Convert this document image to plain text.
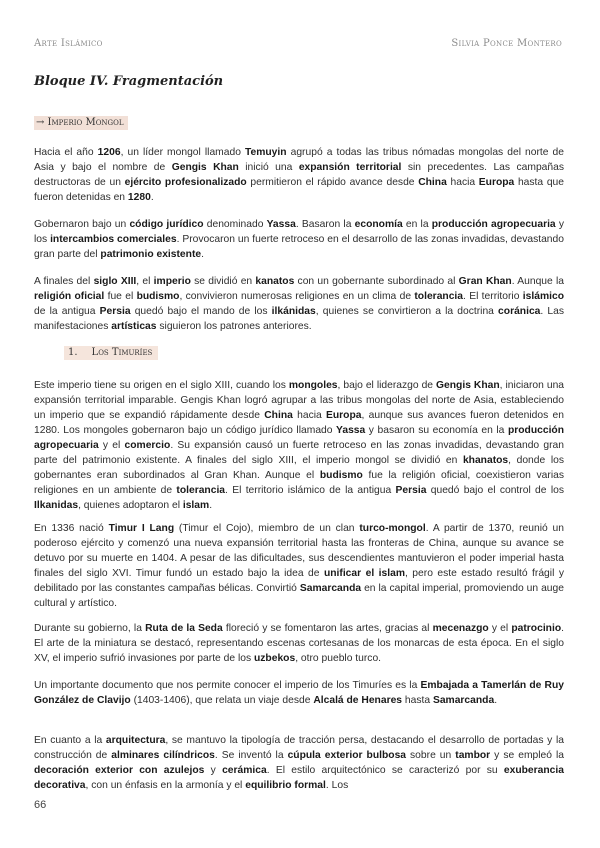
Arte Islámico	Silvia Ponce Montero
Bloque IV. Fragmentación
→ Imperio Mongol

Hacia el año 1206, un líder mongol llamado Temuyin agrupó a todas las tribus nómadas mongolas del norte de Asia y bajo el nombre de Gengis Khan inició una expansión territorial sin precedentes. Las campañas destructoras de un ejército profesionalizado permitieron el rápido avance desde China hacia Europa hasta que fueron detenidas en 1280.

Gobernaron bajo un código jurídico denominado Yassa. Basaron la economía en la producción agropecuaria y los intercambios comerciales. Provocaron un fuerte retroceso en el desarrollo de las zonas invadidas, devastando gran parte del patrimonio existente.

A finales del siglo XIII, el imperio se dividió en kanatos con un gobernante subordinado al Gran Khan. Aunque la religión oficial fue el budismo, convivieron numerosas religiones en un clima de tolerancia. El territorio islámico de la antigua Persia quedó bajo el mando de los ilkánidas, quienes se convirtieron a la doctrina coránica. Las manifestaciones artísticas siguieron los patrones anteriores.

1. Los Timuríes

Este imperio tiene su origen en el siglo XIII, cuando los mongoles, bajo el liderazgo de Gengis Khan, iniciaron una expansión territorial imparable. Gengis Khan logró agrupar a las tribus mongolas del norte de Asia, estableciendo un imperio que se expandió rápidamente desde China hacia Europa, aunque sus avances fueron detenidos en 1280. Los mongoles gobernaron bajo un código jurídico llamado Yassa y basaron su economía en la producción agropecuaria y el comercio. Su expansión causó un fuerte retroceso en las zonas invadidas, devastando gran parte del patrimonio existente. A finales del siglo XIII, el imperio mongol se dividió en khanatos, donde los gobernantes eran subordinados al Gran Khan. Aunque el budismo fue la religión oficial, coexistieron varias religiones en un ambiente de tolerancia. El territorio islámico de la antigua Persia quedó bajo el control de los Ilkanidas, quienes adoptaron el islam.

En 1336 nació Timur I Lang (Timur el Cojo), miembro de un clan turco-mongol. A partir de 1370, reunió un poderoso ejército y comenzó una nueva expansión territorial hasta las fronteras de China, aunque su avance se detuvo por su muerte en 1404. A pesar de las dificultades, sus descendientes mantuvieron el poder imperial hasta finales del siglo XVI. Timur fundó un estado bajo la idea de unificar el islam, pero este estado resultó frágil y debilitado por las constantes campañas bélicas. Convirtió Samarcanda en la capital imperial, promoviendo un auge cultural y artístico.

Durante su gobierno, la Ruta de la Seda floreció y se fomentaron las artes, gracias al mecenazgo y el patrocinio. El arte de la miniatura se destacó, representando escenas cortesanas de los monarcas de esta época. En el siglo XV, el imperio sufrió invasiones por parte de los uzbekos, otro pueblo turco.

Un importante documento que nos permite conocer el imperio de los Timuríes es la Embajada a Tamerlán de Ruy González de Clavijo (1403-1406), que relata un viaje desde Alcalá de Henares hasta Samarcanda.

En cuanto a la arquitectura, se mantuvo la tipología de tracción persa, destacando el desarrollo de portadas y la construcción de alminares cilíndricos. Se inventó la cúpula exterior bulbosa sobre un tambor y se empleó la decoración exterior con azulejos y cerámica. El estilo arquitectónico se caracterizó por su exuberancia decorativa, con un énfasis en la armonía y el equilibrio formal. Los

66
